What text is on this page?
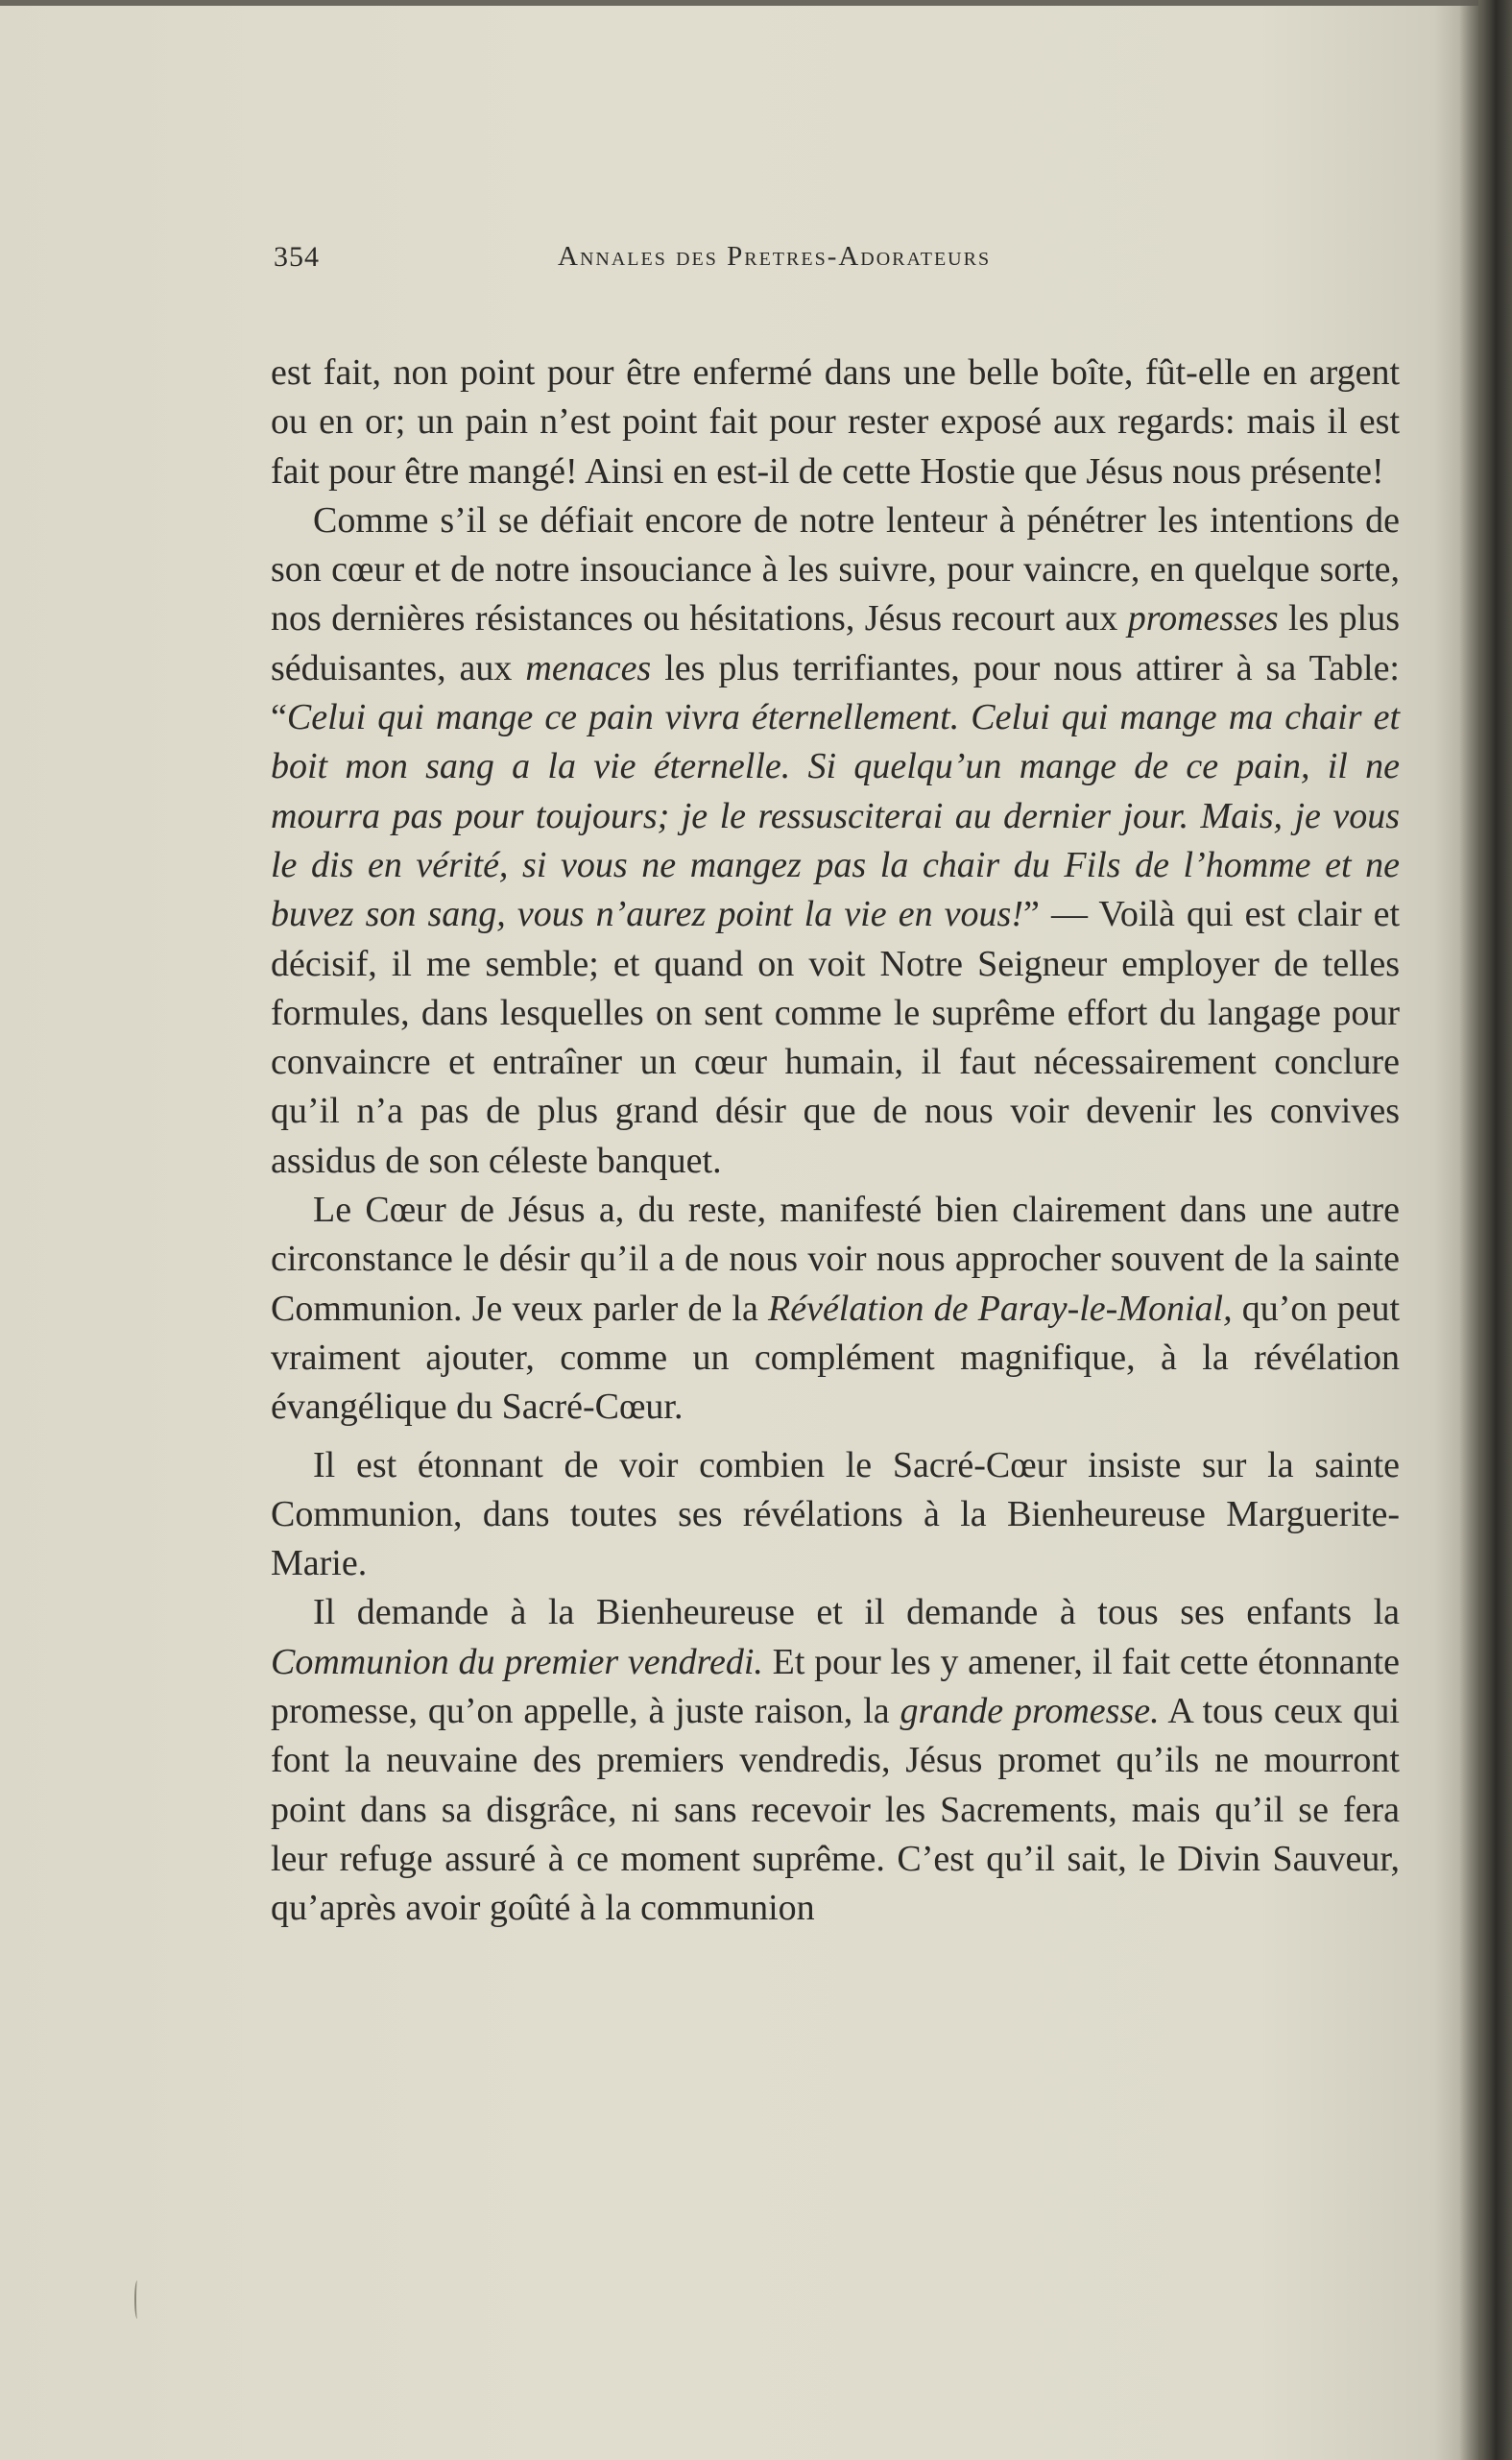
354	Annales des Pretres-Adorateurs

est fait, non point pour être enfermé dans une belle boîte, fût-elle en argent ou en or; un pain n’est point fait pour rester exposé aux regards: mais il est fait pour être mangé! Ainsi en est-il de cette Hostie que Jésus nous présente!

Comme s’il se défiait encore de notre lenteur à pénétrer les intentions de son cœur et de notre insouciance à les suivre, pour vaincre, en quelque sorte, nos dernières résistances ou hésitations, Jésus recourt aux promesses les plus séduisantes, aux menaces les plus terrifiantes, pour nous attirer à sa Table: “Celui qui mange ce pain vivra éternellement. Celui qui mange ma chair et boit mon sang a la vie éternelle. Si quelqu’un mange de ce pain, il ne mourra pas pour toujours; je le ressusciterai au dernier jour. Mais, je vous le dis en vérité, si vous ne mangez pas la chair du Fils de l’homme et ne buvez son sang, vous n’aurez point la vie en vous!” — Voilà qui est clair et décisif, il me semble; et quand on voit Notre Seigneur employer de telles formules, dans lesquelles on sent comme le suprême effort du langage pour convaincre et entraîner un cœur humain, il faut nécessairement conclure qu’il n’a pas de plus grand désir que de nous voir devenir les convives assidus de son céleste banquet.

Le Cœur de Jésus a, du reste, manifesté bien clairement dans une autre circonstance le désir qu’il a de nous voir nous approcher souvent de la sainte Communion. Je veux parler de la Révélation de Paray-le-Monial, qu’on peut vraiment ajouter, comme un complément magnifique, à la révélation évangélique du Sacré-Cœur.

Il est étonnant de voir combien le Sacré-Cœur insiste sur la sainte Communion, dans toutes ses révélations à la Bienheureuse Marguerite-Marie.

Il demande à la Bienheureuse et il demande à tous ses enfants la Communion du premier vendredi. Et pour les y amener, il fait cette étonnante promesse, qu’on appelle, à juste raison, la grande promesse. A tous ceux qui font la neuvaine des premiers vendredis, Jésus promet qu’ils ne mourront point dans sa disgrâce, ni sans recevoir les Sacrements, mais qu’il se fera leur refuge assuré à ce moment suprême. C’est qu’il sait, le Divin Sauveur, qu’après avoir goûté à la communion
